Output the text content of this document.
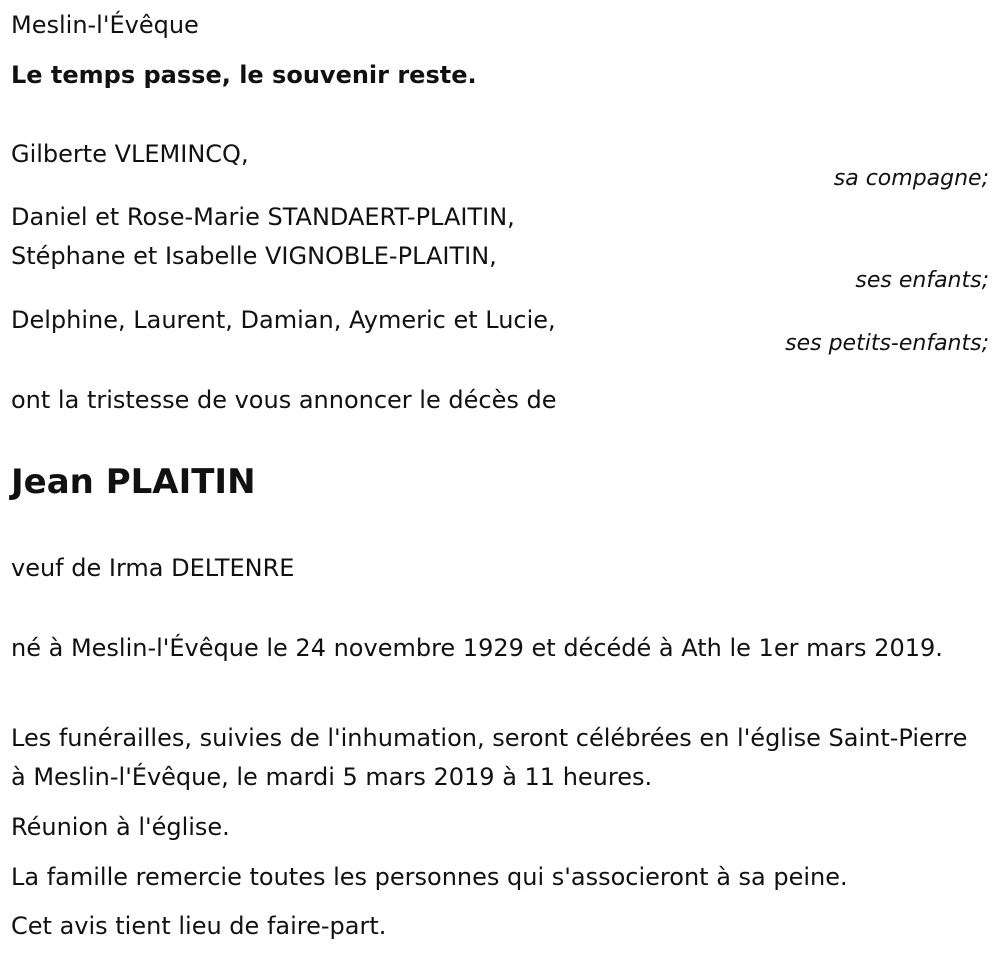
Meslin-l'Évêque
Le temps passe, le souvenir reste.
Gilberte VLEMINCQ,
sa compagne;
Daniel et Rose-Marie STANDAERT-PLAITIN,
Stéphane et Isabelle VIGNOBLE-PLAITIN,
ses enfants;
Delphine, Laurent, Damian, Aymeric et Lucie,
ses petits-enfants;
ont la tristesse de vous annoncer le décès de
Jean PLAITIN
veuf de Irma DELTENRE
né à Meslin-l'Évêque le 24 novembre 1929 et décédé à Ath le 1er mars 2019.
Les funérailles, suivies de l'inhumation, seront célébrées en l'église Saint-Pierre à Meslin-l'Évêque, le mardi 5 mars 2019 à 11 heures.
Réunion à l'église.
La famille remercie toutes les personnes qui s'associeront à sa peine.
Cet avis tient lieu de faire-part.
